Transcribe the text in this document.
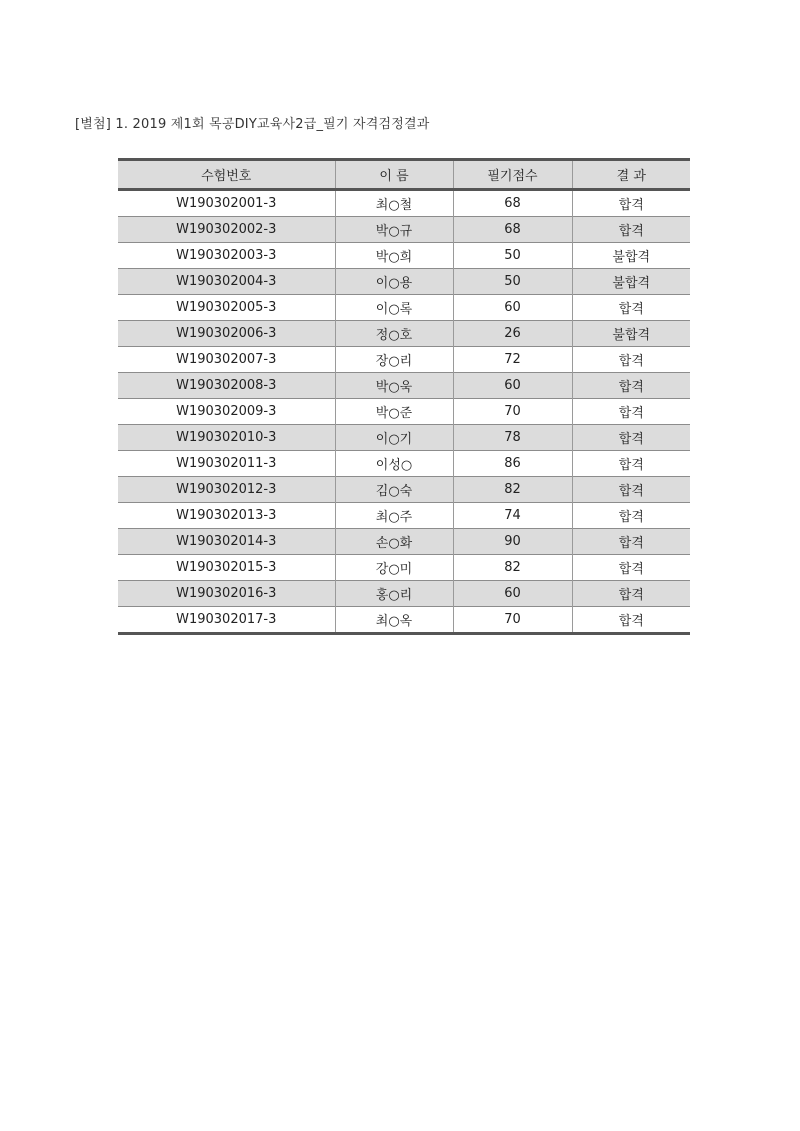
[별첨] 1. 2019 제1회 목공DIY교육사2급_필기 자격검정결과
수험번호	이 름	필기점수	결 과
W190302001-3	최○철	68	합격
W190302002-3	박○규	68	합격
W190302003-3	박○희	50	불합격
W190302004-3	이○용	50	불합격
W190302005-3	이○록	60	합격
W190302006-3	정○호	26	불합격
W190302007-3	장○리	72	합격
W190302008-3	박○욱	60	합격
W190302009-3	박○준	70	합격
W190302010-3	이○기	78	합격
W190302011-3	이성○	86	합격
W190302012-3	김○숙	82	합격
W190302013-3	최○주	74	합격
W190302014-3	손○화	90	합격
W190302015-3	강○미	82	합격
W190302016-3	홍○리	60	합격
W190302017-3	최○옥	70	합격
